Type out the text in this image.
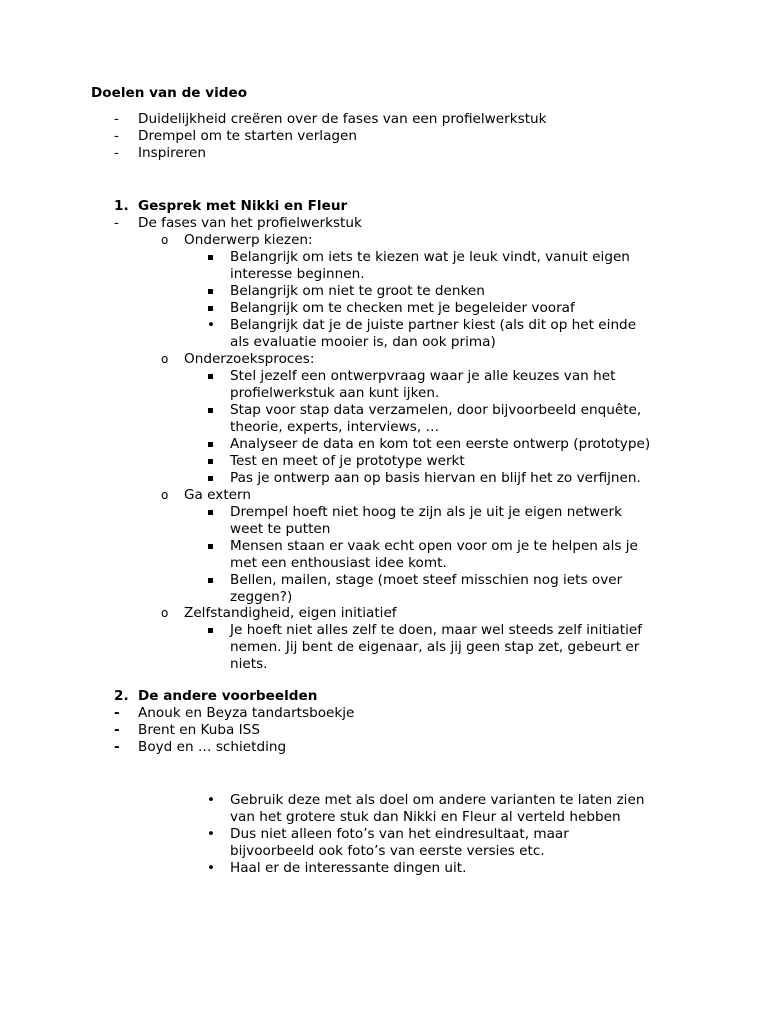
Doelen van de video
- Duidelijkheid creëren over de fases van een profielwerkstuk
- Drempel om te starten verlagen
- Inspireren
1. Gesprek met Nikki en Fleur
- De fases van het profielwerkstuk
o Onderwerp kiezen:
Belangrijk om iets te kiezen wat je leuk vindt, vanuit eigen
interesse beginnen.
Belangrijk om niet te groot te denken
Belangrijk om te checken met je begeleider vooraf
• Belangrijk dat je de juiste partner kiest (als dit op het einde
als evaluatie mooier is, dan ook prima)
o Onderzoeksproces:
Stel jezelf een ontwerpvraag waar je alle keuzes van het
profielwerkstuk aan kunt ijken.
Stap voor stap data verzamelen, door bijvoorbeeld enquête,
theorie, experts, interviews, …
Analyseer de data en kom tot een eerste ontwerp (prototype)
Test en meet of je prototype werkt
Pas je ontwerp aan op basis hiervan en blijf het zo verfijnen.
o Ga extern
Drempel hoeft niet hoog te zijn als je uit je eigen netwerk
weet te putten
Mensen staan er vaak echt open voor om je te helpen als je
met een enthousiast idee komt.
Bellen, mailen, stage (moet steef misschien nog iets over
zeggen?)
o Zelfstandigheid, eigen initiatief
Je hoeft niet alles zelf te doen, maar wel steeds zelf initiatief
nemen. Jij bent de eigenaar, als jij geen stap zet, gebeurt er
niets.
2. De andere voorbeelden
- Anouk en Beyza tandartsboekje
- Brent en Kuba ISS
- Boyd en … schietding
• Gebruik deze met als doel om andere varianten te laten zien
van het grotere stuk dan Nikki en Fleur al verteld hebben
• Dus niet alleen foto’s van het eindresultaat, maar
bijvoorbeeld ook foto’s van eerste versies etc.
• Haal er de interessante dingen uit.
